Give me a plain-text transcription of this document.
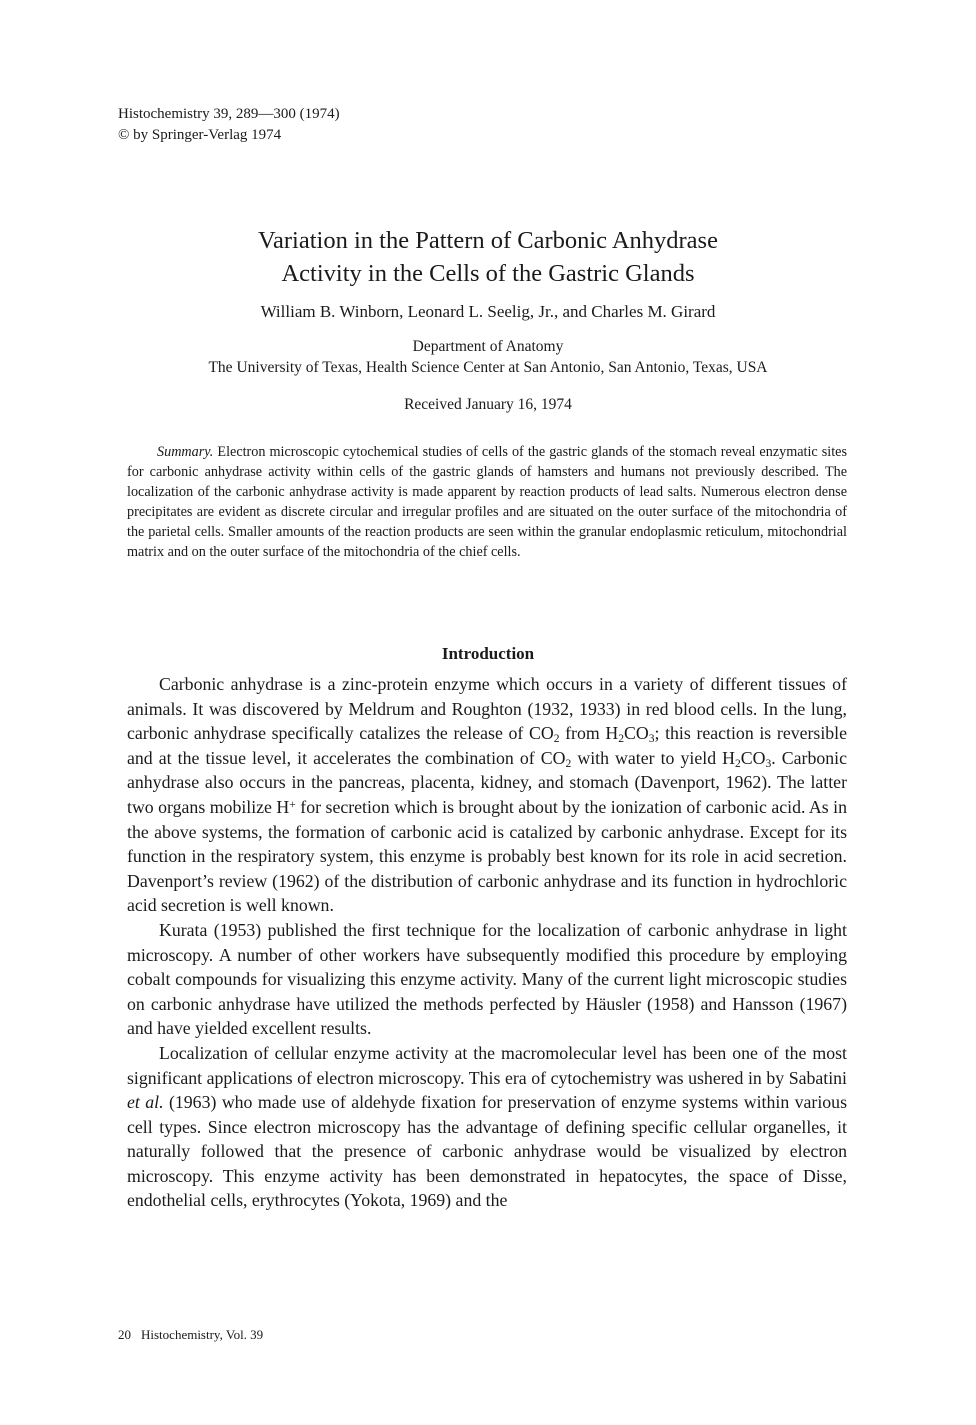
Histochemistry 39, 289—300 (1974)
© by Springer-Verlag 1974
Variation in the Pattern of Carbonic Anhydrase
Activity in the Cells of the Gastric Glands
William B. Winborn, Leonard L. Seelig, Jr., and Charles M. Girard
Department of Anatomy
The University of Texas, Health Science Center at San Antonio, San Antonio, Texas, USA
Received January 16, 1974

Summary. Electron microscopic cytochemical studies of cells of the gastric glands of the stomach reveal enzymatic sites for carbonic anhydrase activity within cells of the gastric glands of hamsters and humans not previously described. The localization of the carbonic anhydrase activity is made apparent by reaction products of lead salts. Numerous electron dense precipitates are evident as discrete circular and irregular profiles and are situated on the outer surface of the mitochondria of the parietal cells. Smaller amounts of the reaction products are seen within the granular endoplasmic reticulum, mitochondrial matrix and on the outer surface of the mitochondria of the chief cells.

Introduction

Carbonic anhydrase is a zinc-protein enzyme which occurs in a variety of different tissues of animals. It was discovered by Meldrum and Roughton (1932, 1933) in red blood cells. In the lung, carbonic anhydrase specifically catalizes the release of $CO_2$ from $H_2CO_3$; this reaction is reversible and at the tissue level, it accelerates the combination of $CO_2$ with water to yield $H_2CO_3$. Carbonic anhydrase also occurs in the pancreas, placenta, kidney, and stomach (Davenport, 1962). The latter two organs mobilize H+ for secretion which is brought about by the ionization of carbonic acid. As in the above systems, the formation of carbonic acid is catalized by carbonic anhydrase. Except for its function in the respiratory system, this enzyme is probably best known for its role in acid secretion. Davenport’s review (1962) of the distribution of carbonic anhydrase and its function in hydrochloric acid secretion is well known.

Kurata (1953) published the first technique for the localization of carbonic anhydrase in light microscopy. A number of other workers have subsequently modified this procedure by employing cobalt compounds for visualizing this enzyme activity. Many of the current light microscopic studies on carbonic anhydrase have utilized the methods perfected by Häusler (1958) and Hansson (1967) and have yielded excellent results.

Localization of cellular enzyme activity at the macromolecular level has been one of the most significant applications of electron microscopy. This era of cytochemistry was ushered in by Sabatini et al. (1963) who made use of aldehyde fixation for preservation of enzyme systems within various cell types. Since electron microscopy has the advantage of defining specific cellular organelles, it naturally followed that the presence of carbonic anhydrase would be visualized by electron microscopy. This enzyme activity has been demonstrated in hepatocytes, the space of Disse, endothelial cells, erythrocytes (Yokota, 1969) and the

20 Histochemistry, Vol. 39
